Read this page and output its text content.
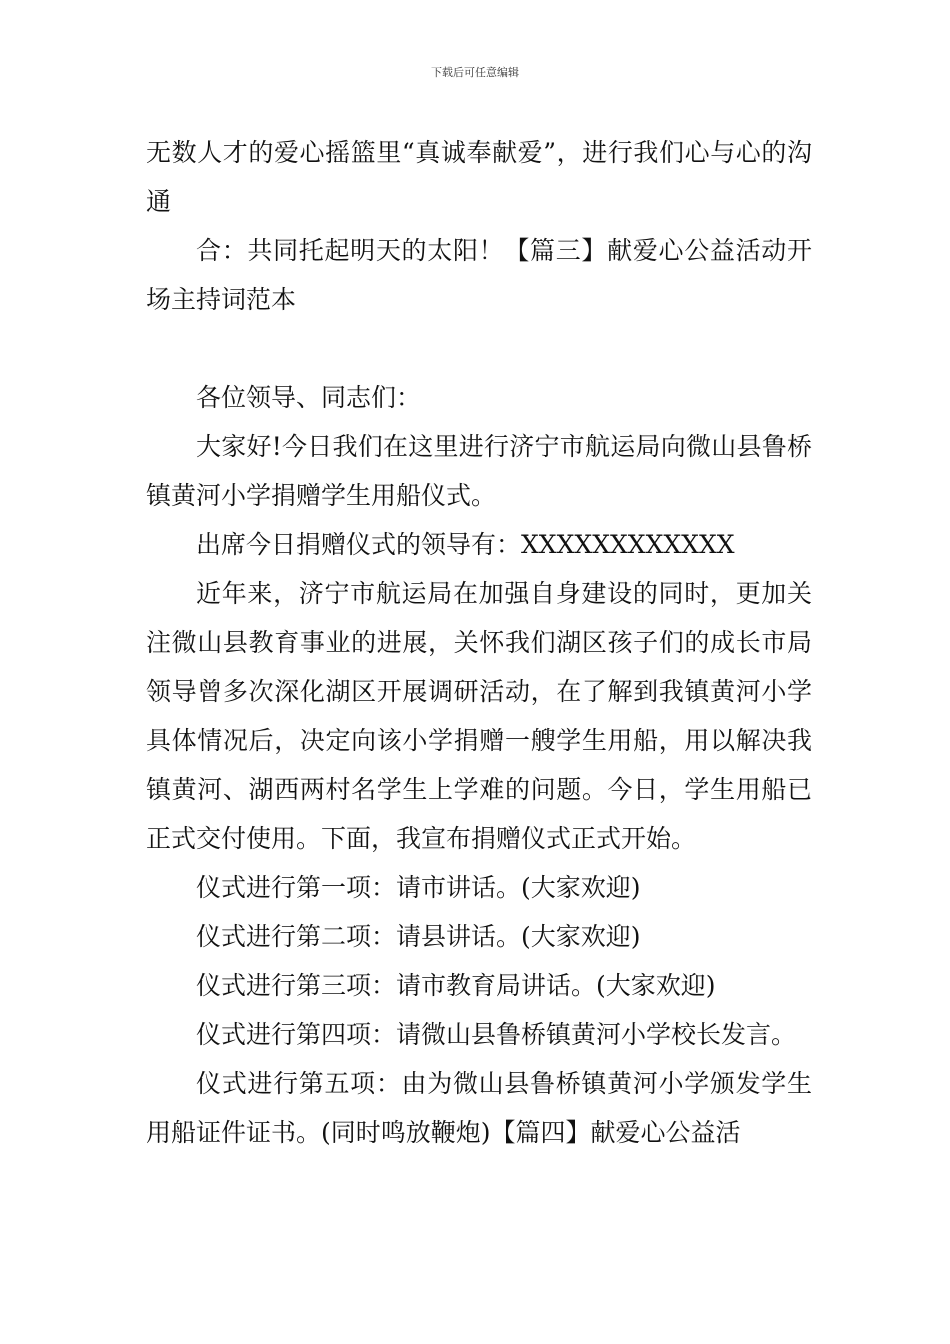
下载后可任意编辑

无数人才的爱心摇篮里“真诚奉献爱”，进行我们心与心的沟通

合：共同托起明天的太阳！【篇三】献爱心公益活动开场主持词范本

各位领导、同志们：

大家好!今日我们在这里进行济宁市航运局向微山县鲁桥镇黄河小学捐赠学生用船仪式。

出席今日捐赠仪式的领导有：XXXXXXXXXXXX

近年来，济宁市航运局在加强自身建设的同时，更加关注微山县教育事业的进展，关怀我们湖区孩子们的成长市局领导曾多次深化湖区开展调研活动，在了解到我镇黄河小学具体情况后，决定向该小学捐赠一艘学生用船，用以解决我镇黄河、湖西两村名学生上学难的问题。今日，学生用船已正式交付使用。下面，我宣布捐赠仪式正式开始。

仪式进行第一项：请市讲话。(大家欢迎)

仪式进行第二项：请县讲话。(大家欢迎)

仪式进行第三项：请市教育局讲话。(大家欢迎)

仪式进行第四项：请微山县鲁桥镇黄河小学校长发言。

仪式进行第五项：由为微山县鲁桥镇黄河小学颁发学生用船证件证书。(同时鸣放鞭炮)【篇四】献爱心公益活
